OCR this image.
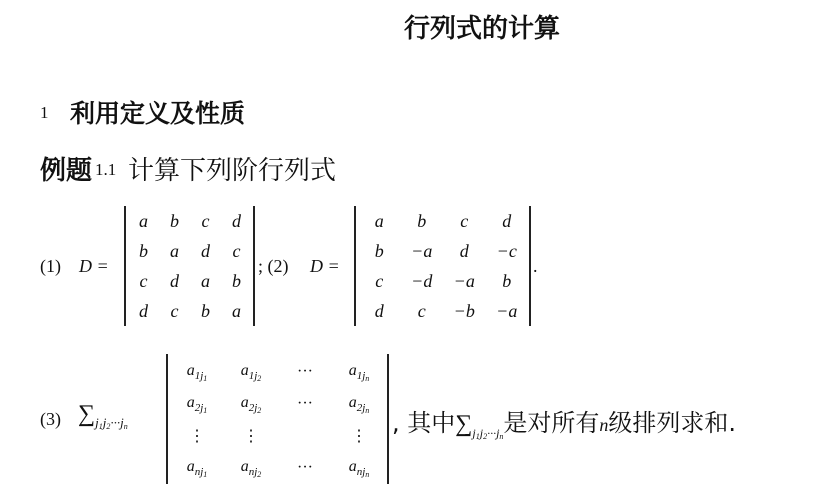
行列式的计算
1 利用定义及性质
例题 1.1 计算下列阶行列式
(1) D =
a b c d
b a d c
c d a b
d c b a
; (2) D =
a b c d
b −a d −c
c −d −a b
d c −b −a
.
(3) $\sum_{j_1j_2\cdot\cdot\cdot j_n}$
$a_{1j_1}$ $a_{1j_2}$ ··· $a_{1j_n}$
$a_{2j_1}$ $a_{2j_2}$ ··· $a_{2j_n}$
⋮ ⋮	⋮
$a_{nj_1}$ $a_{nj_2}$ ··· $a_{nj_n}$
, 其中$\sum_{j_1j_2\cdot\cdot\cdot j_n}$是对所有n级排列求和.
